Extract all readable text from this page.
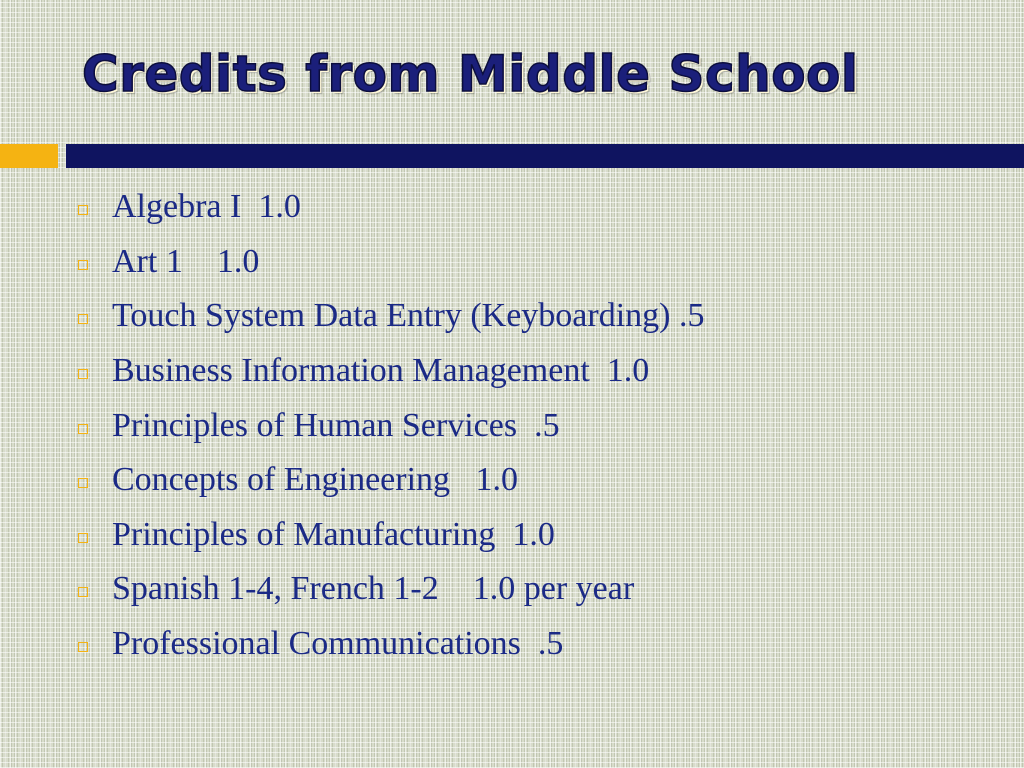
Credits from Middle School
Algebra I  1.0
Art 1    1.0
Touch System Data Entry (Keyboarding) .5
Business Information Management  1.0
Principles of Human Services  .5
Concepts of Engineering   1.0
Principles of Manufacturing  1.0
Spanish 1-4, French 1-2    1.0 per year
Professional Communications  .5
